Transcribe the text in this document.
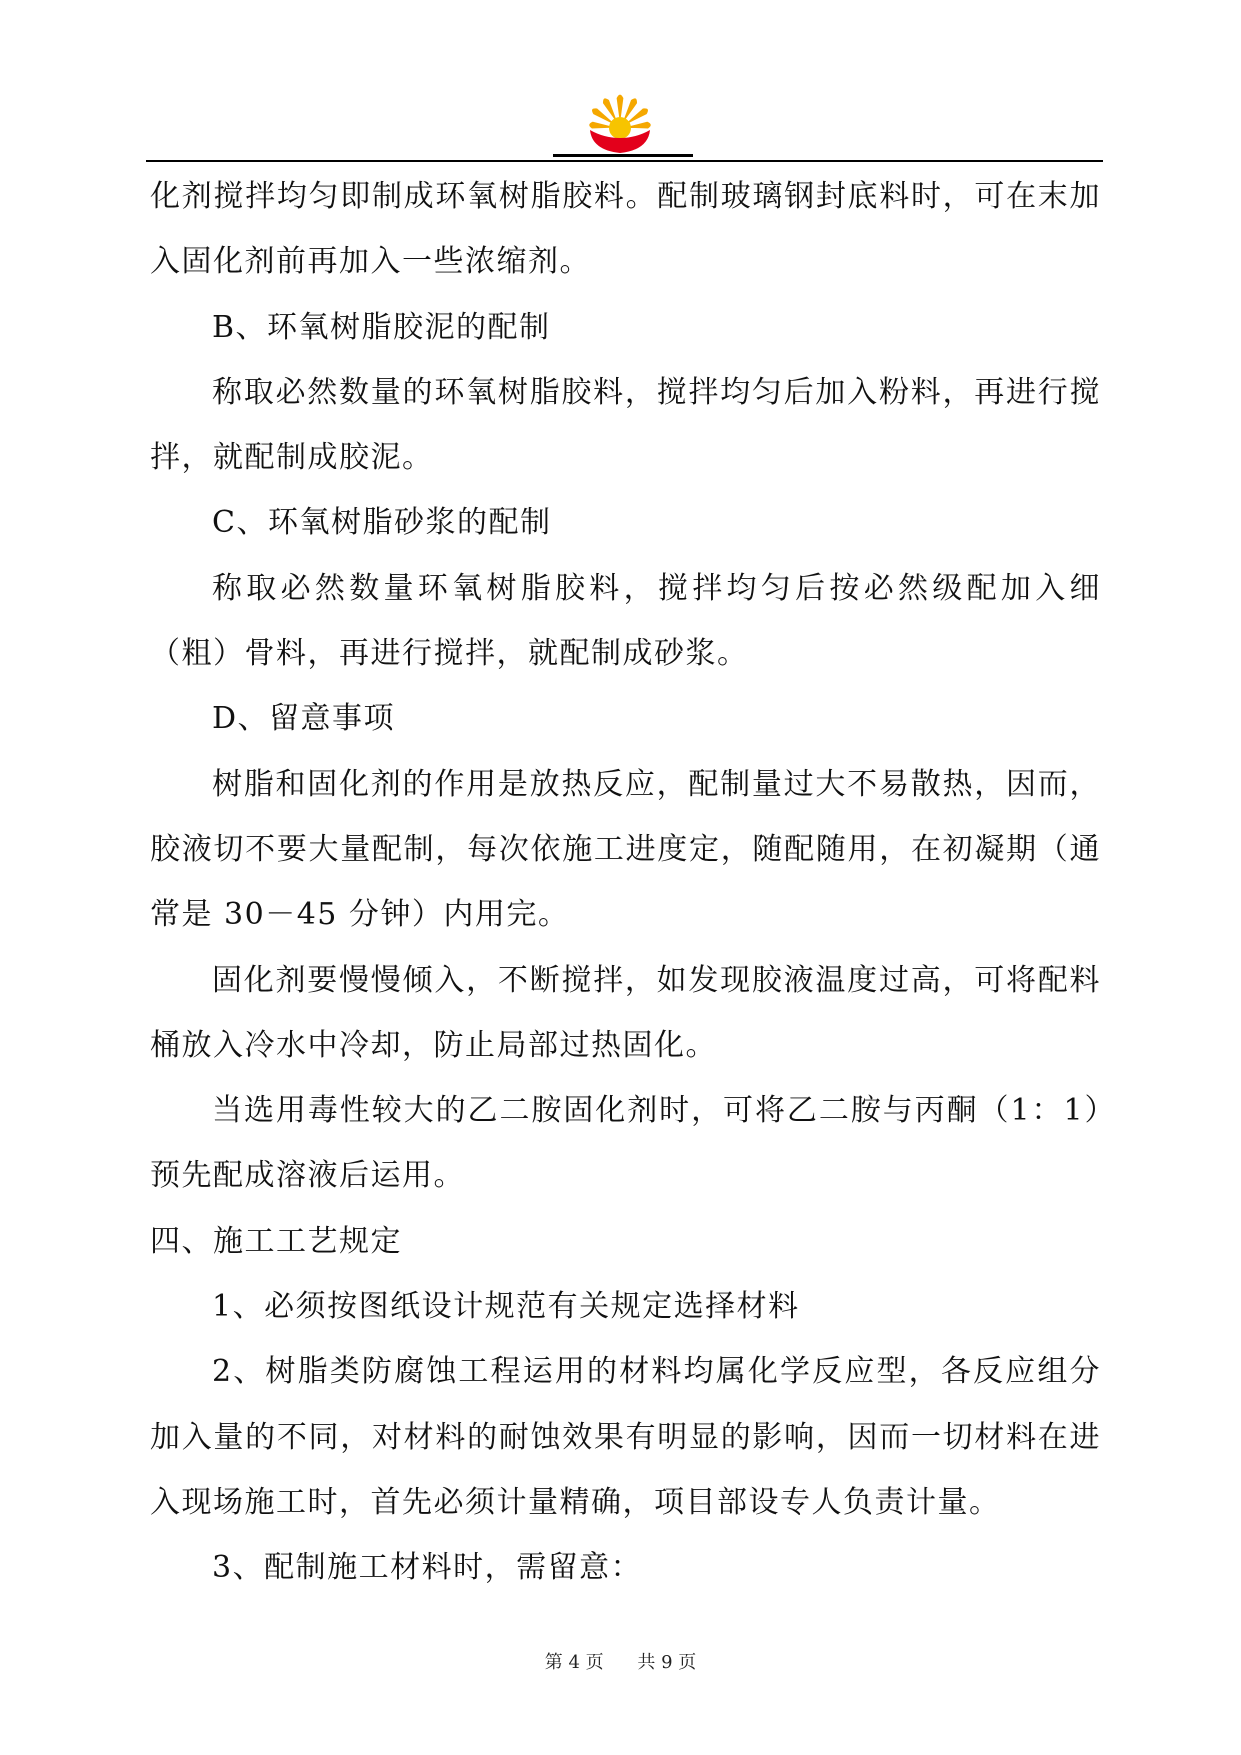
化剂搅拌均匀即制成环氧树脂胶料。配制玻璃钢封底料时，可在末加入固化剂前再加入一些浓缩剂。

B、环氧树脂胶泥的配制

称取必然数量的环氧树脂胶料，搅拌均匀后加入粉料，再进行搅拌，就配制成胶泥。

C、环氧树脂砂浆的配制

称取必然数量环氧树脂胶料，搅拌均匀后按必然级配加入细（粗）骨料，再进行搅拌，就配制成砂浆。

D、留意事项

树脂和固化剂的作用是放热反应，配制量过大不易散热，因而，胶液切不要大量配制，每次依施工进度定，随配随用，在初凝期（通常是 30－45 分钟）内用完。

固化剂要慢慢倾入，不断搅拌，如发现胶液温度过高，可将配料桶放入冷水中冷却，防止局部过热固化。

当选用毒性较大的乙二胺固化剂时，可将乙二胺与丙酮（1：1）预先配成溶液后运用。

四、施工工艺规定

1、必须按图纸设计规范有关规定选择材料

2、树脂类防腐蚀工程运用的材料均属化学反应型，各反应组分加入量的不同，对材料的耐蚀效果有明显的影响，因而一切材料在进入现场施工时，首先必须计量精确，项目部设专人负责计量。

3、配制施工材料时，需留意：

第 4 页 共 9 页
